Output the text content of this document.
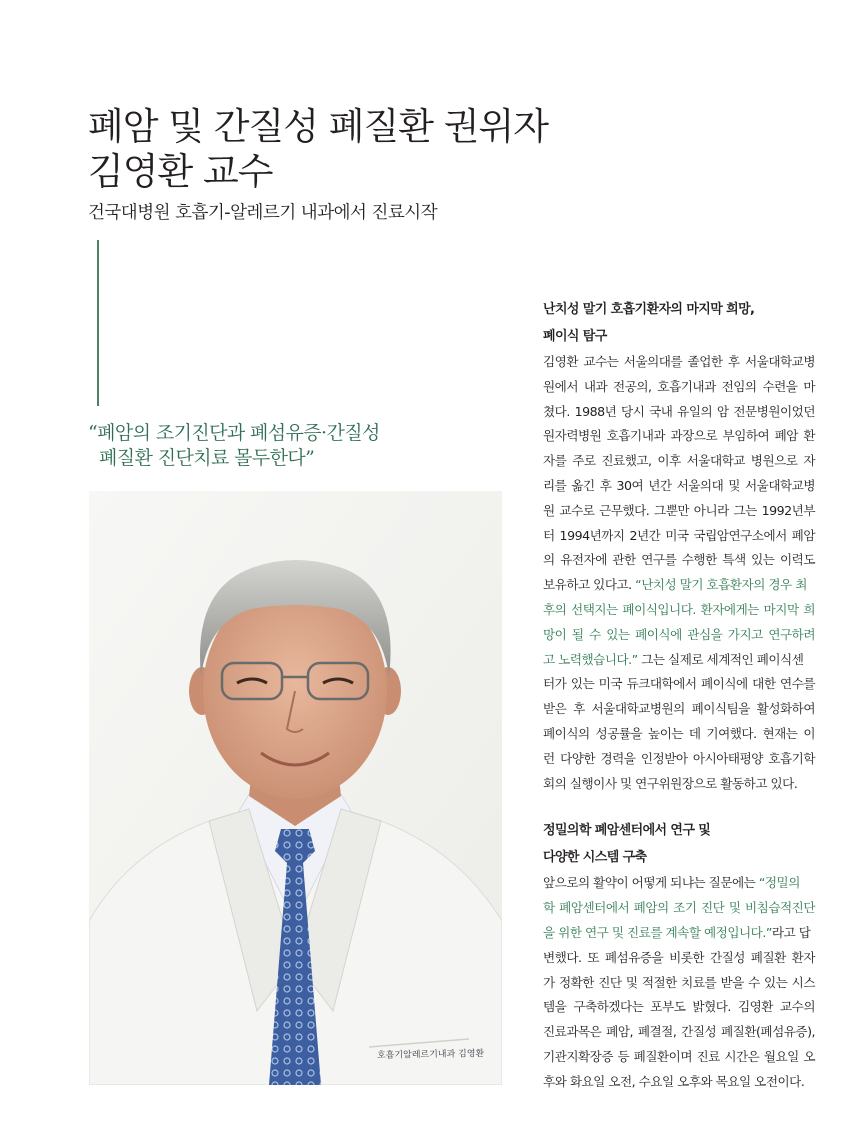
폐암 및 간질성 폐질환 권위자
김영환 교수
건국대병원 호흡기-알레르기 내과에서 진료시작
“폐암의 조기진단과 폐섬유증·간질성
폐질환 진단치료 몰두한다”
호흡기알레르기내과 김영환
난치성 말기 호흡기환자의 마지막 희망,
폐이식 탐구

김영환 교수는 서울의대를 졸업한 후 서울대학교병
원에서 내과 전공의, 호흡기내과 전임의 수련을 마
쳤다. 1988년 당시 국내 유일의 암 전문병원이었던
원자력병원 호흡기내과 과장으로 부임하여 폐암 환
자를 주로 진료했고, 이후 서울대학교 병원으로 자
리를 옮긴 후 30여 년간 서울의대 및 서울대학교병
원 교수로 근무했다. 그뿐만 아니라 그는 1992년부
터 1994년까지 2년간 미국 국립암연구소에서 폐암
의 유전자에 관한 연구를 수행한 특색 있는 이력도
보유하고 있다고. “난치성 말기 호흡환자의 경우 최
후의 선택지는 폐이식입니다. 환자에게는 마지막 희
망이 될 수 있는 폐이식에 관심을 가지고 연구하려
고 노력했습니다.” 그는 실제로 세계적인 폐이식센
터가 있는 미국 듀크대학에서 폐이식에 대한 연수를
받은 후 서울대학교병원의 폐이식팀을 활성화하여
폐이식의 성공률을 높이는 데 기여했다. 현재는 이
런 다양한 경력을 인정받아 아시아태평양 호흡기학
회의 실행이사 및 연구위원장으로 활동하고 있다.

정밀의학 폐암센터에서 연구 및
다양한 시스템 구축

앞으로의 활약이 어떻게 되냐는 질문에는 “정밀의
학 폐암센터에서 폐암의 조기 진단 및 비침습적진단
을 위한 연구 및 진료를 계속할 예정입니다.”라고 답
변했다. 또 폐섬유증을 비롯한 간질성 폐질환 환자
가 정확한 진단 및 적절한 치료를 받을 수 있는 시스
템을 구축하겠다는 포부도 밝혔다. 김영환 교수의
진료과목은 폐암, 폐결절, 간질성 폐질환(폐섬유증),
기관지확장증 등 폐질환이며 진료 시간은 월요일 오
후와 화요일 오전, 수요일 오후와 목요일 오전이다.
